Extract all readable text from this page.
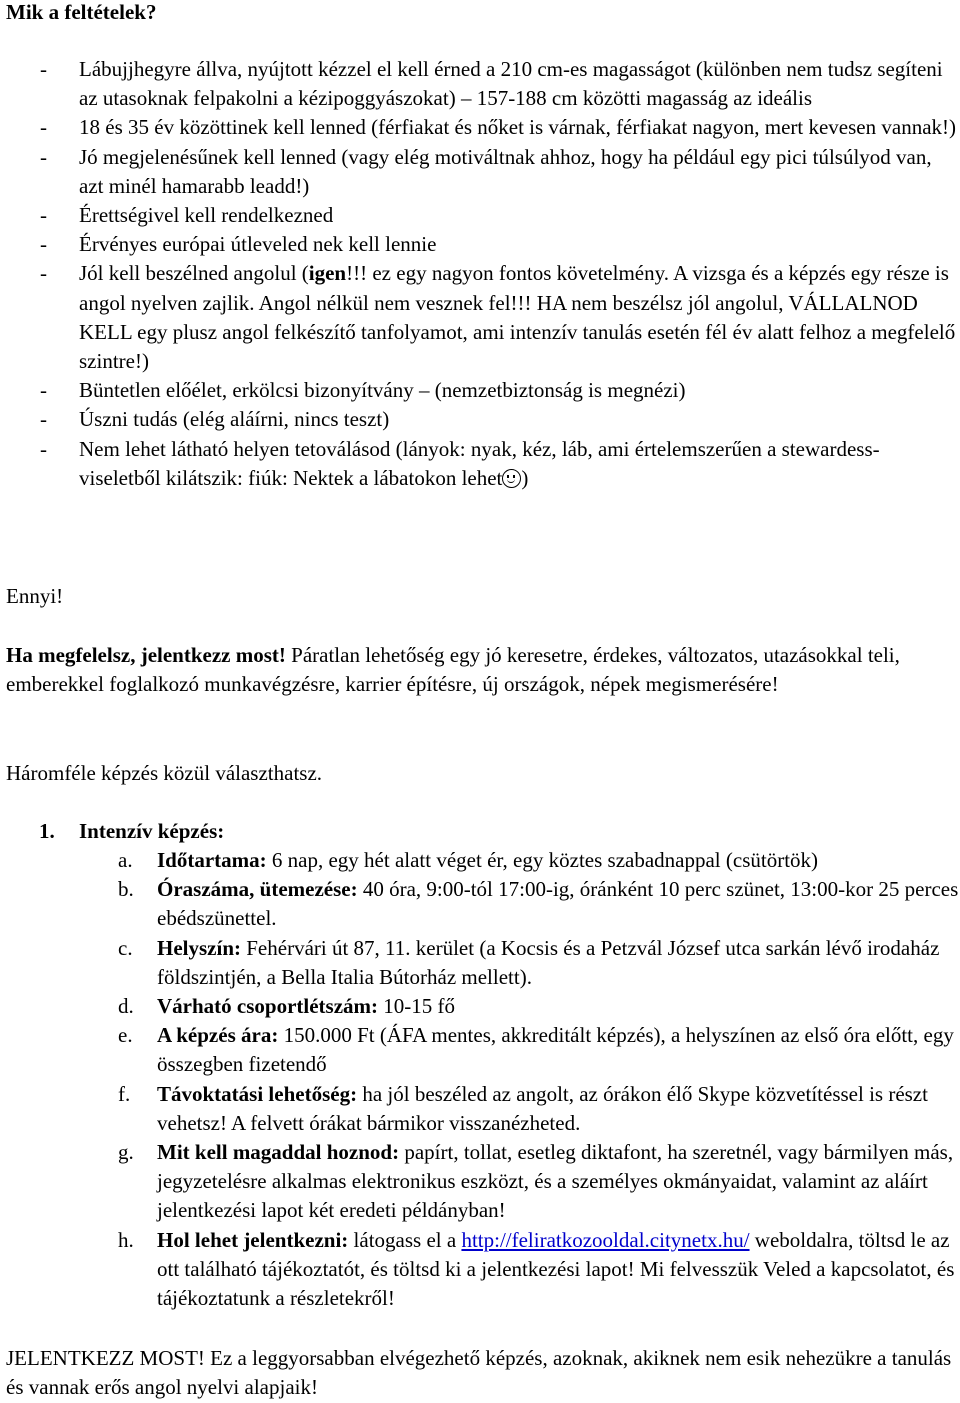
Mik a feltételek?
- Lábujjhegyre állva, nyújtott kézzel el kell érned a 210 cm-es magasságot (különben nem tudsz segíteni az utasoknak felpakolni a kézipoggyászokat) – 157-188 cm közötti magasság az ideális
- 18 és 35 év közöttinek kell lenned (férfiakat és nőket is várnak, férfiakat nagyon, mert kevesen vannak!)
- Jó megjelenésűnek kell lenned (vagy elég motiváltnak ahhoz, hogy ha például egy pici túlsúlyod van, azt minél hamarabb leadd!)
- Érettségivel kell rendelkezned
- Érvényes európai útleveled nek kell lennie
- Jól kell beszélned angolul (igen!!! ez egy nagyon fontos követelmény. A vizsga és a képzés egy része is angol nyelven zajlik. Angol nélkül nem vesznek fel!!! HA nem beszélsz jól angolul, VÁLLALNOD KELL egy plusz angol felkészítő tanfolyamot, ami intenzív tanulás esetén fél év alatt felhoz a megfelelő szintre!)
- Büntetlen előélet, erkölcsi bizonyítvány – (nemzetbiztonság is megnézi)
- Úszni tudás (elég aláírni, nincs teszt)
- Nem lehet látható helyen tetoválásod (lányok: nyak, kéz, láb, ami értelemszerűen a stewardess-viseletből kilátszik: fiúk: Nektek a lábatokon lehet )
Ennyi!
Ha megfelelsz, jelentkezz most! Páratlan lehetőség egy jó keresetre, érdekes, változatos, utazásokkal teli, emberekkel foglalkozó munkavégzésre, karrier építésre, új országok, népek megismerésére!
Háromféle képzés közül választhatsz.
1. Intenzív képzés:
a. Időtartama: 6 nap, egy hét alatt véget ér, egy köztes szabadnappal (csütörtök)
b. Óraszáma, ütemezése: 40 óra, 9:00-tól 17:00-ig, óránként 10 perc szünet, 13:00-kor 25 perces ebédszünettel.
c. Helyszín: Fehérvári út 87, 11. kerület (a Kocsis és a Petzvál József utca sarkán lévő irodaház földszintjén, a Bella Italia Bútorház mellett).
d. Várható csoportlétszám: 10-15 fő
e. A képzés ára: 150.000 Ft (ÁFA mentes, akkreditált képzés), a helyszínen az első óra előtt, egy összegben fizetendő
f. Távoktatási lehetőség: ha jól beszéled az angolt, az órákon élő Skype közvetítéssel is részt vehetsz! A felvett órákat bármikor visszanézheted.
g. Mit kell magaddal hoznod: papírt, tollat, esetleg diktafont, ha szeretnél, vagy bármilyen más, jegyzetelésre alkalmas elektronikus eszközt, és a személyes okmányaidat, valamint az aláírt jelentkezési lapot két eredeti példányban!
h. Hol lehet jelentkezni: látogass el a http://feliratkozooldal.citynetx.hu/ weboldalra, töltsd le az ott található tájékoztatót, és töltsd ki a jelentkezési lapot! Mi felvesszük Veled a kapcsolatot, és tájékoztatunk a részletekről!
JELENTKEZZ MOST! Ez a leggyorsabban elvégezhető képzés, azoknak, akiknek nem esik nehezükre a tanulás és vannak erős angol nyelvi alapjaik!
